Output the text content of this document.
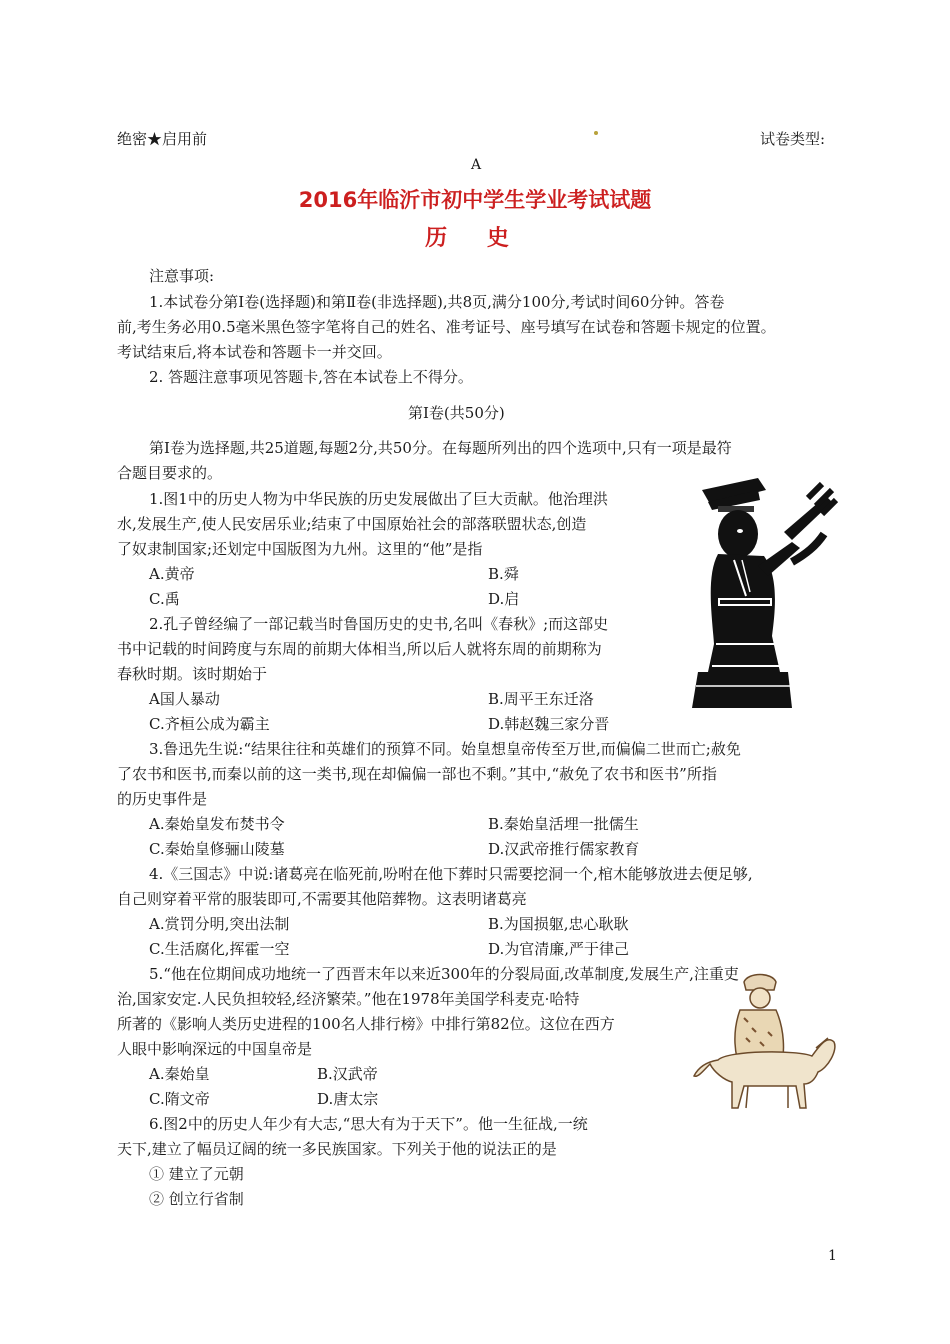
绝密★启用前	试卷类型:
A
2016年临沂市初中学生学业考试试题
历 史
注意事项:
1.本试卷分第Ⅰ卷(选择题)和第Ⅱ卷(非选择题),共8页,满分100分,考试时间60分钟。答卷
前,考生务必用0.5毫米黑色签字笔将自己的姓名、准考证号、座号填写在试卷和答题卡规定的位置。
考试结束后,将本试卷和答题卡一并交回。
2. 答题注意事项见答题卡,答在本试卷上不得分。
第Ⅰ卷(共50分)
第Ⅰ卷为选择题,共25道题,每题2分,共50分。在每题所列出的四个选项中,只有一项是最符
合题目要求的。
1.图1中的历史人物为中华民族的历史发展做出了巨大贡献。他治理洪
水,发展生产,使人民安居乐业;结束了中国原始社会的部落联盟状态,创造
了奴隶制国家;还划定中国版图为九州。这里的“他”是指
A.黄帝	B.舜
C.禹	D.启
2.孔子曾经编了一部记载当时鲁国历史的史书,名叫《春秋》;而这部史
书中记载的时间跨度与东周的前期大体相当,所以后人就将东周的前期称为
春秋时期。该时期始于
A国人暴动	B.周平王东迁洛
C.齐桓公成为霸主	D.韩赵魏三家分晋
3.鲁迅先生说:“结果往往和英雄们的预算不同。始皇想皇帝传至万世,而偏偏二世而亡;赦免
了农书和医书,而秦以前的这一类书,现在却偏偏一部也不剩。”其中,“赦免了农书和医书”所指
的历史事件是
A.秦始皇发布焚书令	B.秦始皇活埋一批儒生
C.秦始皇修骊山陵墓	D.汉武帝推行儒家教育
4.《三国志》中说:诸葛亮在临死前,吩咐在他下葬时只需要挖洞一个,棺木能够放进去便足够,
自己则穿着平常的服装即可,不需要其他陪葬物。这表明诸葛亮
A.赏罚分明,突出法制	B.为国损躯,忠心耿耿
C.生活腐化,挥霍一空	D.为官清廉,严于律己
5.“他在位期间成功地统一了西晋末年以来近300年的分裂局面,改革制度,发展生产,注重吏
治,国家安定.人民负担较轻,经济繁荣。”他在1978年美国学科麦克·哈特
所著的《影响人类历史进程的100名人排行榜》中排行第82位。这位在西方
人眼中影响深远的中国皇帝是
A.秦始皇	B.汉武帝
C.隋文帝	D.唐太宗
6.图2中的历史人年少有大志,“思大有为于天下”。他一生征战,一统
天下,建立了幅员辽阔的统一多民族国家。下列关于他的说法正的是
① 建立了元朝
② 创立行省制
1
